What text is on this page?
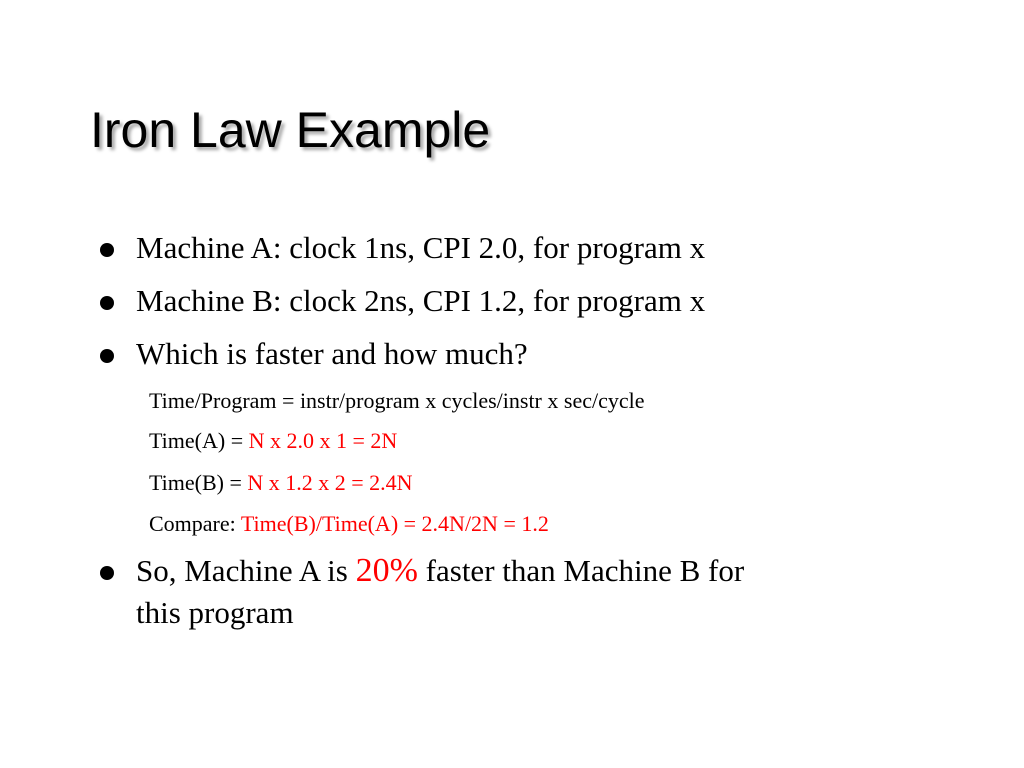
Iron Law Example
Machine A: clock 1ns, CPI 2.0, for program x
Machine B: clock 2ns, CPI 1.2, for program x
Which is faster and how much?
Time/Program = instr/program x cycles/instr x sec/cycle
Time(A) = N x 2.0 x 1 = 2N
Time(B) = N x 1.2 x 2 = 2.4N
Compare: Time(B)/Time(A) = 2.4N/2N = 1.2
So, Machine A is 20% faster than Machine B for
this program
